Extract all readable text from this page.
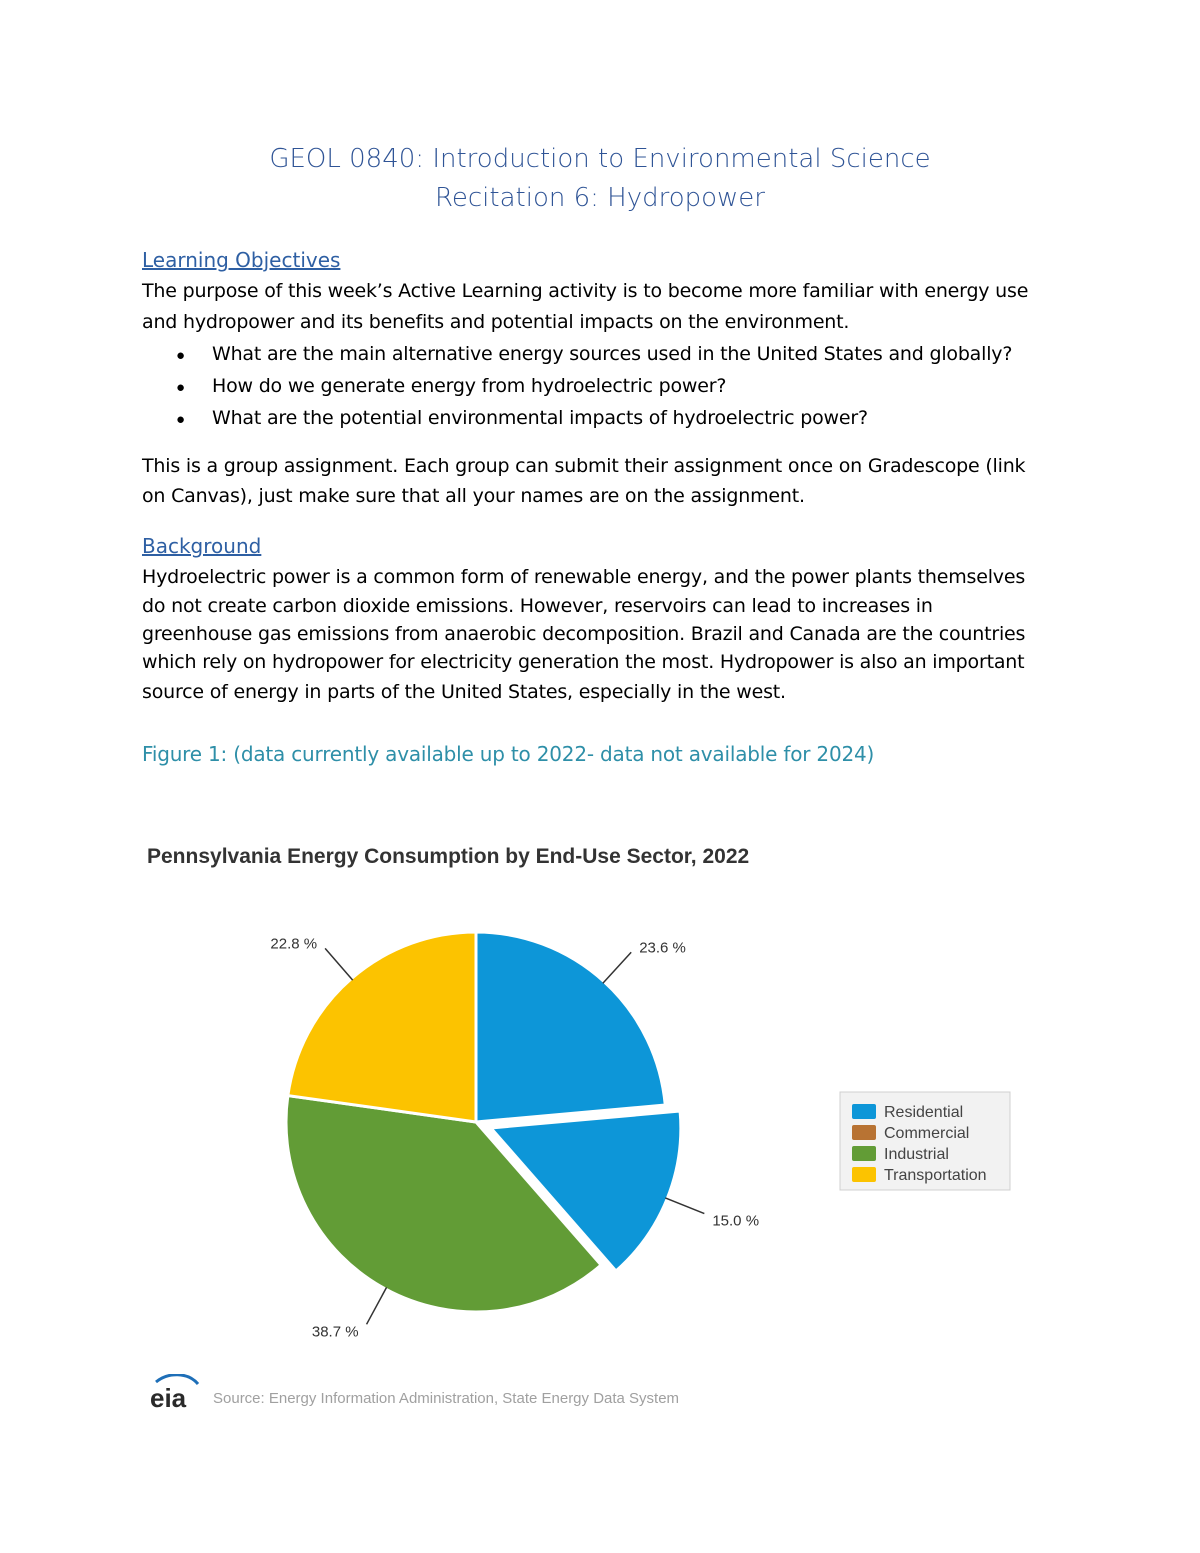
GEOL 0840: Introduction to Environmental Science
Recitation 6: Hydropower
Learning Objectives
The purpose of this week’s Active Learning activity is to become more familiar with energy use
and hydropower and its benefits and potential impacts on the environment.
● What are the main alternative energy sources used in the United States and globally?
● How do we generate energy from hydroelectric power?
● What are the potential environmental impacts of hydroelectric power?
This is a group assignment. Each group can submit their assignment once on Gradescope (link
on Canvas), just make sure that all your names are on the assignment.
Background
Hydroelectric power is a common form of renewable energy, and the power plants themselves
do not create carbon dioxide emissions. However, reservoirs can lead to increases in
greenhouse gas emissions from anaerobic decomposition. Brazil and Canada are the countries
which rely on hydropower for electricity generation the most. Hydropower is also an important
source of energy in parts of the United States, especially in the west.
Figure 1: (data currently available up to 2022- data not available for 2024)
Pennsylvania Energy Consumption by End-Use Sector, 2022
23.6 %
15.0 %
38.7 %
22.8 %
Residential
Commercial
Industrial
Transportation
eia Source: Energy Information Administration, State Energy Data System
